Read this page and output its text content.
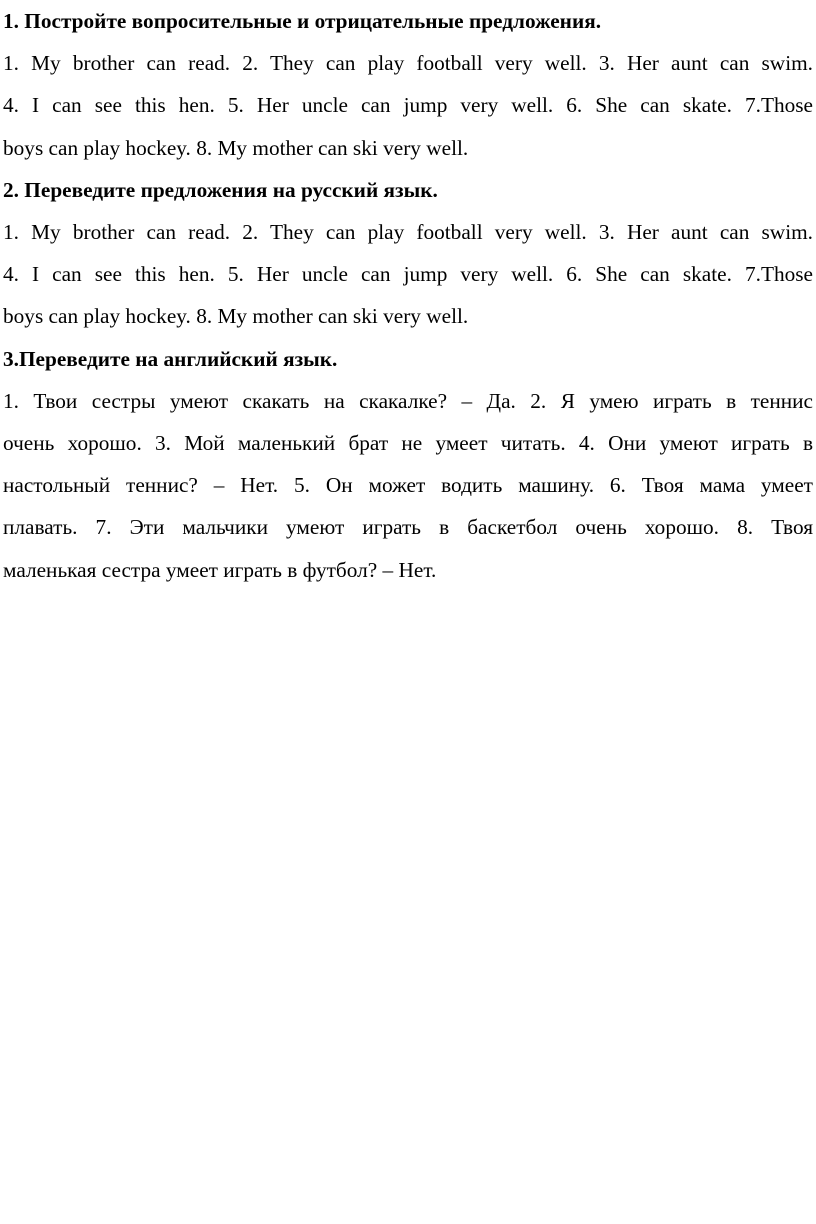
1. Постройте вопросительные и отрицательные предложения.

1. My brother can read. 2. They can play football very well. 3. Her aunt can swim.
4. I can see this hen. 5. Her uncle can jump very well. 6. She can skate. 7.Those
boys can play hockey. 8. My mother can ski very well.

2. Переведите предложения на русский язык.

1. My brother can read. 2. They can play football very well. 3. Her aunt can swim.
4. I can see this hen. 5. Her uncle can jump very well. 6. She can skate. 7.Those
boys can play hockey. 8. My mother can ski very well.

3.Переведите на английский язык.

1. Твои сестры умеют скакать на скакалке? – Да. 2. Я умею играть в теннис
очень хорошо. 3. Мой маленький брат не умеет читать. 4. Они умеют играть в
настольный теннис? – Нет. 5. Он может водить машину. 6. Твоя мама умеет
плавать. 7. Эти мальчики умеют играть в баскетбол очень хорошо. 8. Твоя
маленькая сестра умеет играть в футбол? – Нет.
